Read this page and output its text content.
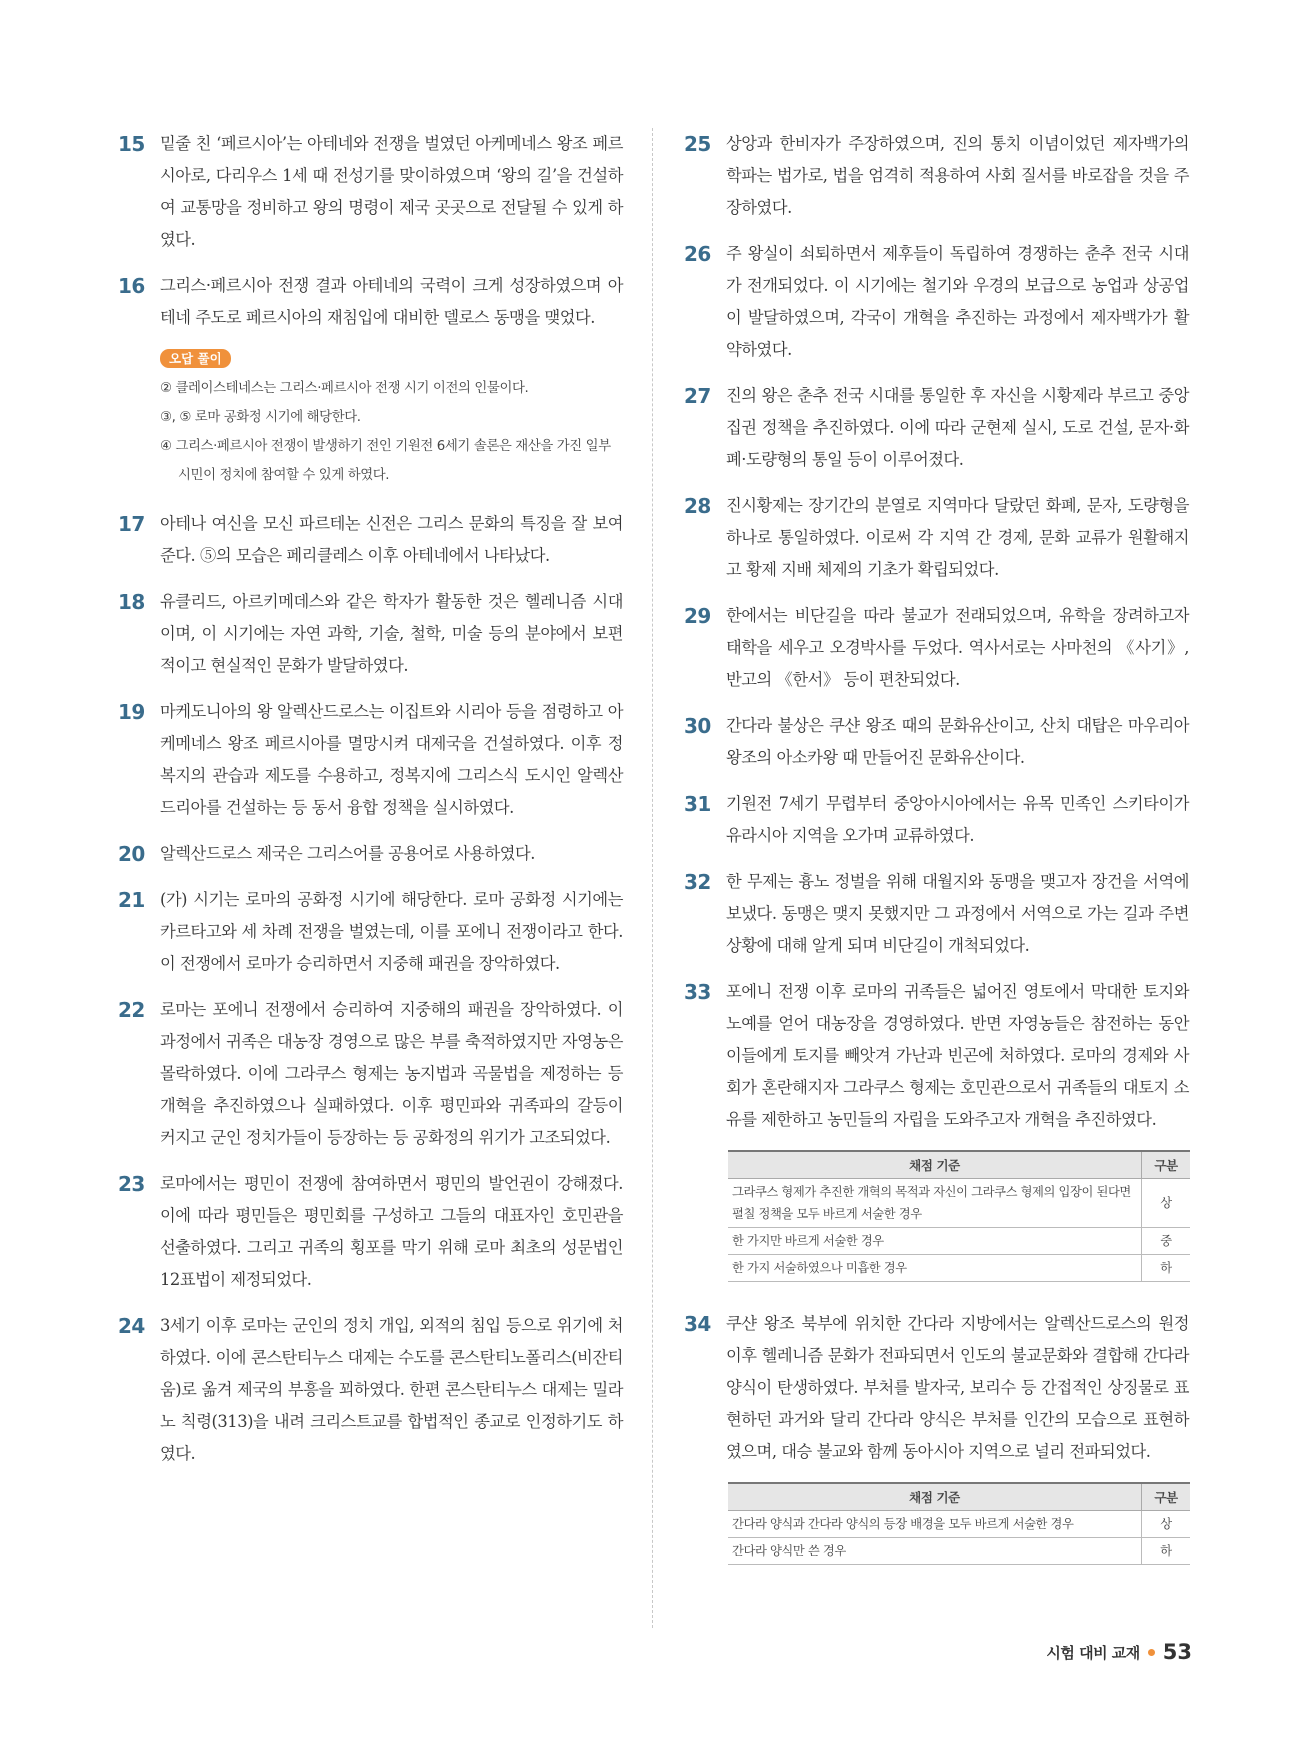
15 밑줄 친 ‘페르시아’는 아테네와 전쟁을 벌였던 아케메네스 왕조 페르시아로, 다리우스 1세 때 전성기를 맞이하였으며 ‘왕의 길’을 건설하여 교통망을 정비하고 왕의 명령이 제국 곳곳으로 전달될 수 있게 하였다.
16 그리스·페르시아 전쟁 결과 아테네의 국력이 크게 성장하였으며 아테네 주도로 페르시아의 재침입에 대비한 델로스 동맹을 맺었다.
오답 풀이
② 클레이스테네스는 그리스·페르시아 전쟁 시기 이전의 인물이다.
③, ⑤ 로마 공화정 시기에 해당한다.
④ 그리스·페르시아 전쟁이 발생하기 전인 기원전 6세기 솔론은 재산을 가진 일부 시민이 정치에 참여할 수 있게 하였다.
17 아테나 여신을 모신 파르테논 신전은 그리스 문화의 특징을 잘 보여 준다. ⑤의 모습은 페리클레스 이후 아테네에서 나타났다.
18 유클리드, 아르키메데스와 같은 학자가 활동한 것은 헬레니즘 시대이며, 이 시기에는 자연 과학, 기술, 철학, 미술 등의 분야에서 보편적이고 현실적인 문화가 발달하였다.
19 마케도니아의 왕 알렉산드로스는 이집트와 시리아 등을 점령하고 아케메네스 왕조 페르시아를 멸망시켜 대제국을 건설하였다. 이후 정복지의 관습과 제도를 수용하고, 정복지에 그리스식 도시인 알렉산드리아를 건설하는 등 동서 융합 정책을 실시하였다.
20 알렉산드로스 제국은 그리스어를 공용어로 사용하였다.
21 (가) 시기는 로마의 공화정 시기에 해당한다. 로마 공화정 시기에는 카르타고와 세 차례 전쟁을 벌였는데, 이를 포에니 전쟁이라고 한다. 이 전쟁에서 로마가 승리하면서 지중해 패권을 장악하였다.
22 로마는 포에니 전쟁에서 승리하여 지중해의 패권을 장악하였다. 이 과정에서 귀족은 대농장 경영으로 많은 부를 축적하였지만 자영농은 몰락하였다. 이에 그라쿠스 형제는 농지법과 곡물법을 제정하는 등 개혁을 추진하였으나 실패하였다. 이후 평민파와 귀족파의 갈등이 커지고 군인 정치가들이 등장하는 등 공화정의 위기가 고조되었다.
23 로마에서는 평민이 전쟁에 참여하면서 평민의 발언권이 강해졌다. 이에 따라 평민들은 평민회를 구성하고 그들의 대표자인 호민관을 선출하였다. 그리고 귀족의 횡포를 막기 위해 로마 최초의 성문법인 12표법이 제정되었다.
24 3세기 이후 로마는 군인의 정치 개입, 외적의 침입 등으로 위기에 처하였다. 이에 콘스탄티누스 대제는 수도를 콘스탄티노폴리스(비잔티움)로 옮겨 제국의 부흥을 꾀하였다. 한편 콘스탄티누스 대제는 밀라노 칙령(313)을 내려 크리스트교를 합법적인 종교로 인정하기도 하였다.
25 상앙과 한비자가 주장하였으며, 진의 통치 이념이었던 제자백가의 학파는 법가로, 법을 엄격히 적용하여 사회 질서를 바로잡을 것을 주장하였다.
26 주 왕실이 쇠퇴하면서 제후들이 독립하여 경쟁하는 춘추 전국 시대가 전개되었다. 이 시기에는 철기와 우경의 보급으로 농업과 상공업이 발달하였으며, 각국이 개혁을 추진하는 과정에서 제자백가가 활약하였다.
27 진의 왕은 춘추 전국 시대를 통일한 후 자신을 시황제라 부르고 중앙 집권 정책을 추진하였다. 이에 따라 군현제 실시, 도로 건설, 문자·화폐·도량형의 통일 등이 이루어졌다.
28 진시황제는 장기간의 분열로 지역마다 달랐던 화폐, 문자, 도량형을 하나로 통일하였다. 이로써 각 지역 간 경제, 문화 교류가 원활해지고 황제 지배 체제의 기초가 확립되었다.
29 한에서는 비단길을 따라 불교가 전래되었으며, 유학을 장려하고자 태학을 세우고 오경박사를 두었다. 역사서로는 사마천의 《사기》, 반고의 《한서》 등이 편찬되었다.
30 간다라 불상은 쿠샨 왕조 때의 문화유산이고, 산치 대탑은 마우리아 왕조의 아소카왕 때 만들어진 문화유산이다.
31 기원전 7세기 무렵부터 중앙아시아에서는 유목 민족인 스키타이가 유라시아 지역을 오가며 교류하였다.
32 한 무제는 흉노 정벌을 위해 대월지와 동맹을 맺고자 장건을 서역에 보냈다. 동맹은 맺지 못했지만 그 과정에서 서역으로 가는 길과 주변 상황에 대해 알게 되며 비단길이 개척되었다.
33 포에니 전쟁 이후 로마의 귀족들은 넓어진 영토에서 막대한 토지와 노예를 얻어 대농장을 경영하였다. 반면 자영농들은 참전하는 동안 이들에게 토지를 빼앗겨 가난과 빈곤에 처하였다. 로마의 경제와 사회가 혼란해지자 그라쿠스 형제는 호민관으로서 귀족들의 대토지 소유를 제한하고 농민들의 자립을 도와주고자 개혁을 추진하였다.
채점 기준	구분
그라쿠스 형제가 추진한 개혁의 목적과 자신이 그라쿠스 형제의 입장이 된다면 펼칠 정책을 모두 바르게 서술한 경우	상
한 가지만 바르게 서술한 경우	중
한 가지 서술하였으나 미흡한 경우	하
34 쿠샨 왕조 북부에 위치한 간다라 지방에서는 알렉산드로스의 원정 이후 헬레니즘 문화가 전파되면서 인도의 불교문화와 결합해 간다라 양식이 탄생하였다. 부처를 발자국, 보리수 등 간접적인 상징물로 표현하던 과거와 달리 간다라 양식은 부처를 인간의 모습으로 표현하였으며, 대승 불교와 함께 동아시아 지역으로 널리 전파되었다.
채점 기준	구분
간다라 양식과 간다라 양식의 등장 배경을 모두 바르게 서술한 경우	상
간다라 양식만 쓴 경우	하
시험 대비 교재 53
